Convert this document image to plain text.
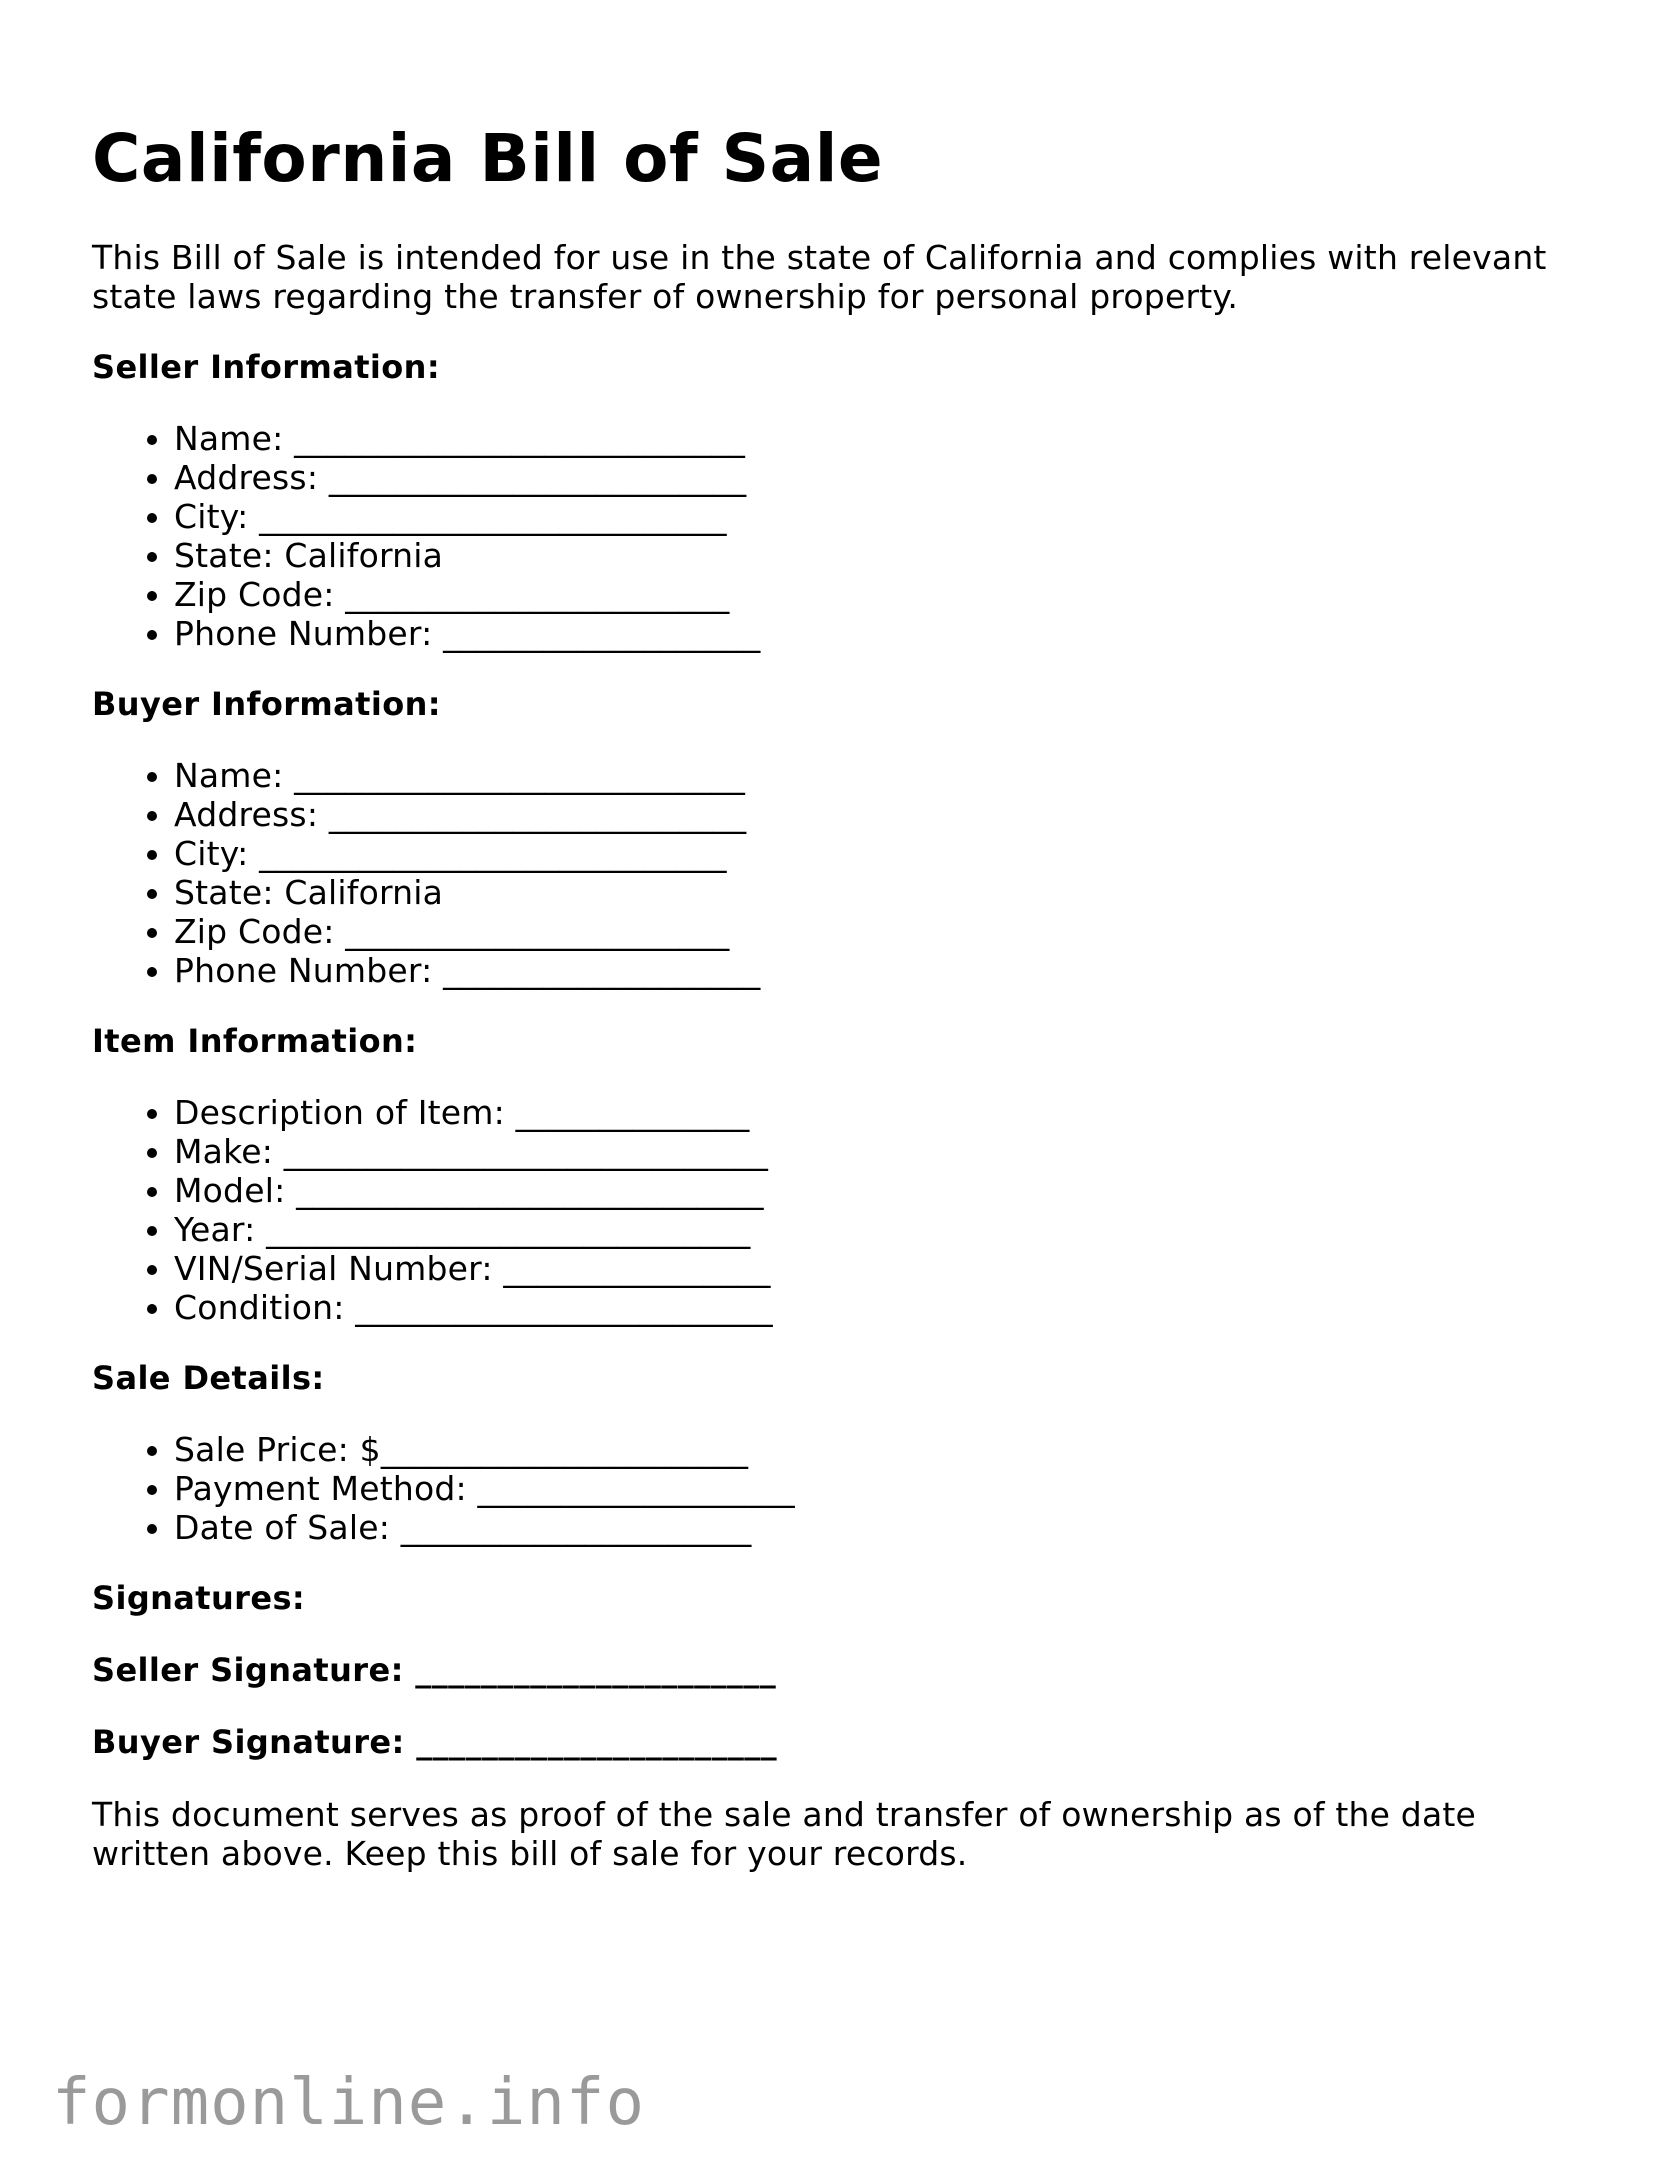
California Bill of Sale

This Bill of Sale is intended for use in the state of California and complies with relevant state laws regarding the transfer of ownership for personal property.

Seller Information:
• Name: ___________________________
• Address: _________________________
• City: ____________________________
• State: California
• Zip Code: _______________________
• Phone Number: ___________________
Buyer Information:
• Name: ___________________________
• Address: _________________________
• City: ____________________________
• State: California
• Zip Code: _______________________
• Phone Number: ___________________
Item Information:
• Description of Item: ______________
• Make: _____________________________
• Model: ____________________________
• Year: _____________________________
• VIN/Serial Number: ________________
• Condition: _________________________
Sale Details:
• Sale Price: $______________________
• Payment Method: ___________________
• Date of Sale: _____________________
Signatures:

Seller Signature: ______________________

Buyer Signature: ______________________

This document serves as proof of the sale and transfer of ownership as of the date written above. Keep this bill of sale for your records.

formonline.info
